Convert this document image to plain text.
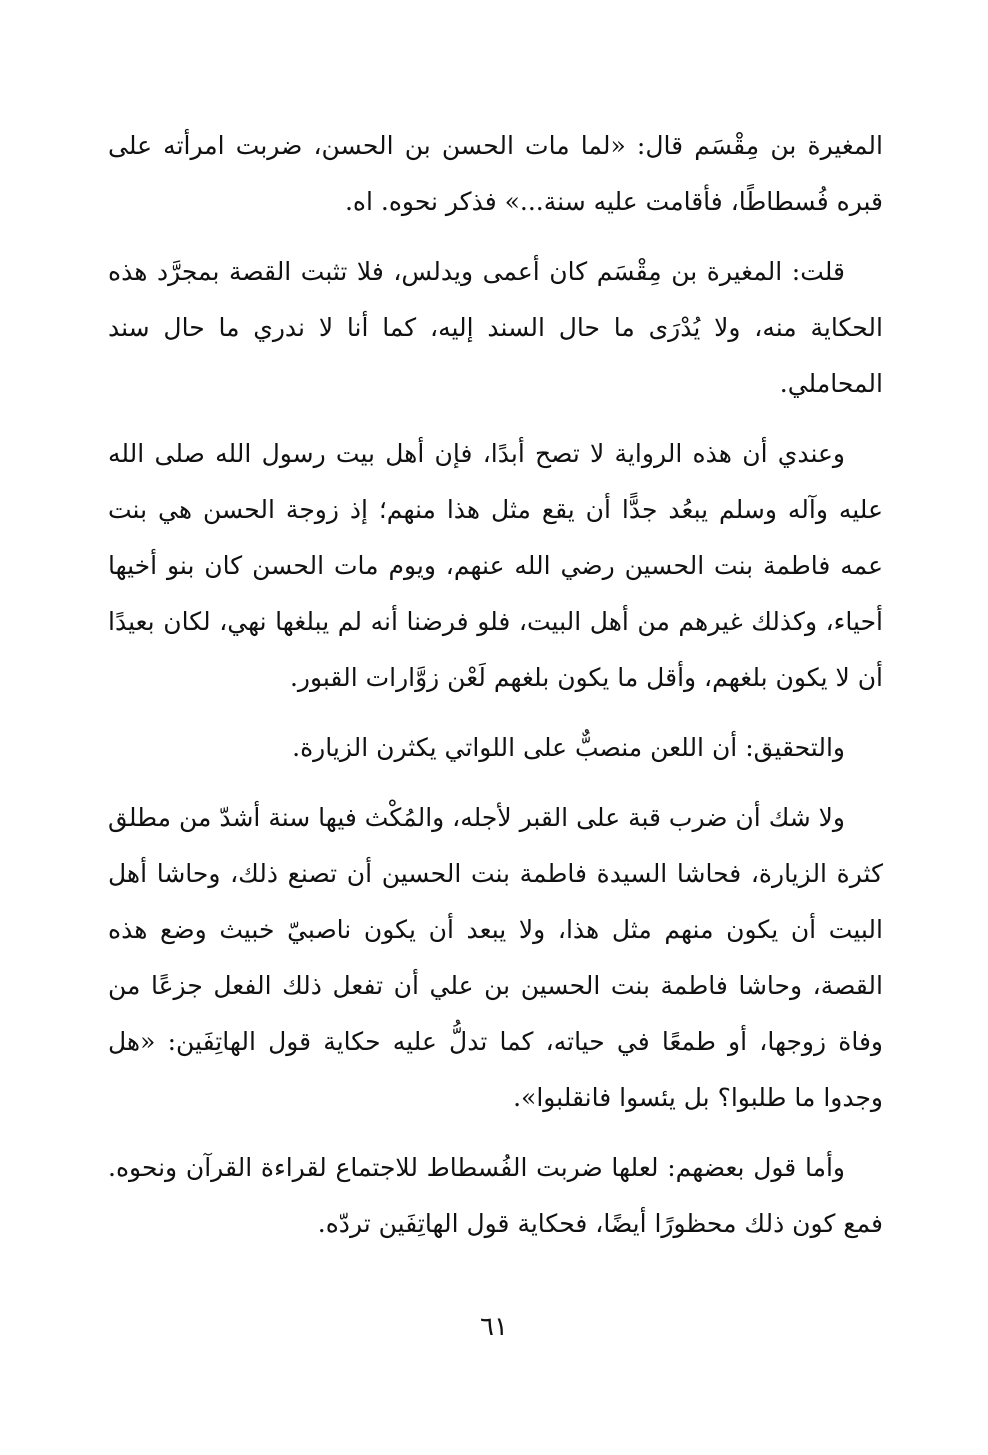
المغيرة بن مِقْسَم قال: «لما مات الحسن بن الحسن، ضربت امرأته على قبره فُسطاطًا، فأقامت عليه سنة...» فذكر نحوه. اه.

قلت: المغيرة بن مِقْسَم كان أعمى ويدلس، فلا تثبت القصة بمجرَّد هذه الحكاية منه، ولا يُدْرَى ما حال السند إليه، كما أنا لا ندري ما حال سند المحاملي.

وعندي أن هذه الرواية لا تصح أبدًا، فإن أهل بيت رسول الله صلى الله عليه وآله وسلم يبعُد جدًّا أن يقع مثل هذا منهم؛ إذ زوجة الحسن هي بنت عمه فاطمة بنت الحسين رضي الله عنهم، ويوم مات الحسن كان بنو أخيها أحياء، وكذلك غيرهم من أهل البيت، فلو فرضنا أنه لم يبلغها نهي، لكان بعيدًا أن لا يكون بلغهم، وأقل ما يكون بلغهم لَعْن زوَّارات القبور.

والتحقيق: أن اللعن منصبٌّ على اللواتي يكثرن الزيارة.

ولا شك أن ضرب قبة على القبر لأجله، والمُكْث فيها سنة أشدّ من مطلق كثرة الزيارة، فحاشا السيدة فاطمة بنت الحسين أن تصنع ذلك، وحاشا أهل البيت أن يكون منهم مثل هذا، ولا يبعد أن يكون ناصبيّ خبيث وضع هذه القصة، وحاشا فاطمة بنت الحسين بن علي أن تفعل ذلك الفعل جزعًا من وفاة زوجها، أو طمعًا في حياته، كما تدلُّ عليه حكاية قول الهاتِفَين: «هل وجدوا ما طلبوا؟ بل يئسوا فانقلبوا».

وأما قول بعضهم: لعلها ضربت الفُسطاط للاجتماع لقراءة القرآن ونحوه. فمع كون ذلك محظورًا أيضًا، فحكاية قول الهاتِفَين تردّه.

٦١
